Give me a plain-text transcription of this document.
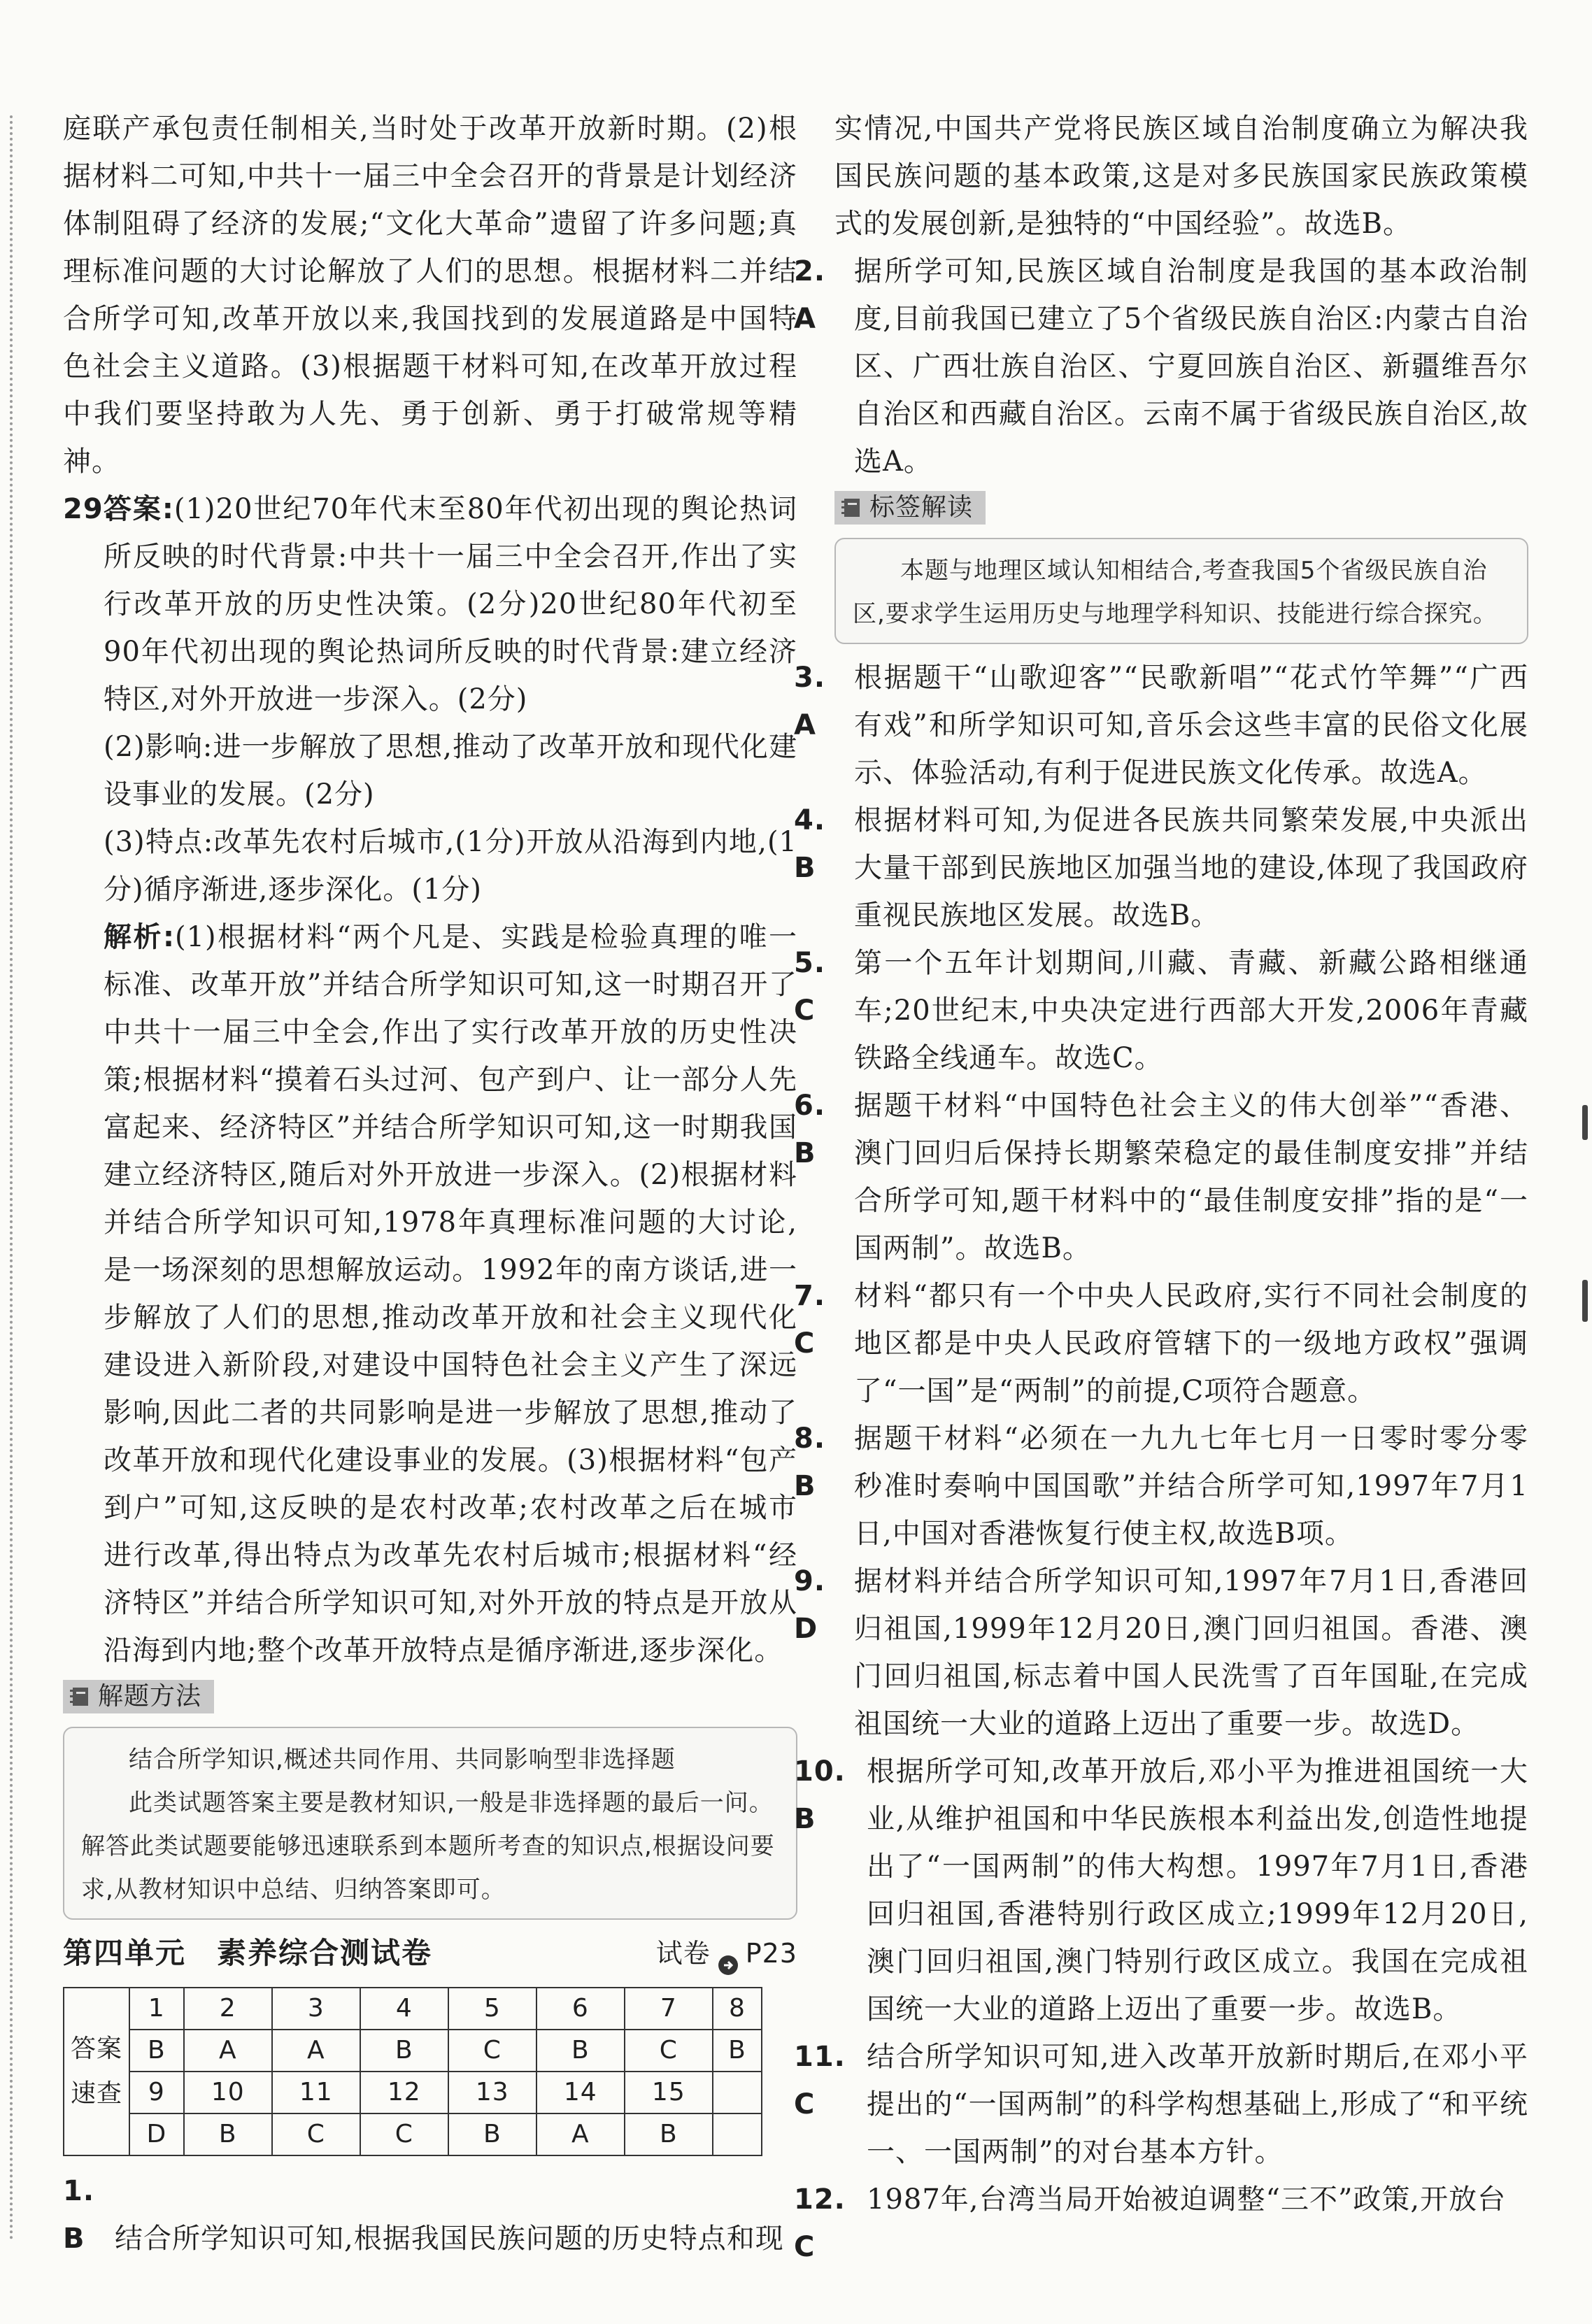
庭联产承包责任制相关,当时处于改革开放新时期。(2)根据材料二可知,中共十一届三中全会召开的背景是计划经济体制阻碍了经济的发展;“文化大革命”遗留了许多问题;真理标准问题的大讨论解放了人们的思想。根据材料二并结合所学可知,改革开放以来,我国找到的发展道路是中国特色社会主义道路。(3)根据题干材料可知,在改革开放过程中我们要坚持敢为人先、勇于创新、勇于打破常规等精神。

29.
答案:(1)20世纪70年代末至80年代初出现的舆论热词所反映的时代背景:中共十一届三中全会召开,作出了实行改革开放的历史性决策。(2分)20世纪80年代初至90年代初出现的舆论热词所反映的时代背景:建立经济特区,对外开放进一步深入。(2分)

(2)影响:进一步解放了思想,推动了改革开放和现代化建设事业的发展。(2分)

(3)特点:改革先农村后城市,(1分)开放从沿海到内地,(1分)循序渐进,逐步深化。(1分)

解析:(1)根据材料“两个凡是、实践是检验真理的唯一标准、改革开放”并结合所学知识可知,这一时期召开了中共十一届三中全会,作出了实行改革开放的历史性决策;根据材料“摸着石头过河、包产到户、让一部分人先富起来、经济特区”并结合所学知识可知,这一时期我国建立经济特区,随后对外开放进一步深入。(2)根据材料并结合所学知识可知,1978年真理标准问题的大讨论,是一场深刻的思想解放运动。1992年的南方谈话,进一步解放了人们的思想,推动改革开放和社会主义现代化建设进入新阶段,对建设中国特色社会主义产生了深远影响,因此二者的共同影响是进一步解放了思想,推动了改革开放和现代化建设事业的发展。(3)根据材料“包产到户”可知,这反映的是农村改革;农村改革之后在城市进行改革,得出特点为改革先农村后城市;根据材料“经济特区”并结合所学知识可知,对外开放的特点是开放从沿海到内地;整个改革开放特点是循序渐进,逐步深化。

解题方法

结合所学知识,概述共同作用、共同影响型非选择题

此类试题答案主要是教材知识,一般是非选择题的最后一问。解答此类试题要能够迅速联系到本题所考查的知识点,根据设问要求,从教材知识中总结、归纳答案即可。

第四单元　素养综合测试卷	试卷 P23
答案速查	1	2	3	4	5	6	7	8
	B	A	A	B	C	B	C	B
	9	10	11	12	13	14	15	
	D	B	C	C	B	A	B	

1. B 结合所学知识可知,根据我国民族问题的历史特点和现

实情况,中国共产党将民族区域自治制度确立为解决我国民族问题的基本政策,这是对多民族国家民族政策模式的发展创新,是独特的“中国经验”。故选B。

2. A
据所学可知,民族区域自治制度是我国的基本政治制度,目前我国已建立了5个省级民族自治区:内蒙古自治区、广西壮族自治区、宁夏回族自治区、新疆维吾尔自治区和西藏自治区。云南不属于省级民族自治区,故选A。
标签解读

本题与地理区域认知相结合,考查我国5个省级民族自治区,要求学生运用历史与地理学科知识、技能进行综合探究。

3. A
根据题干“山歌迎客”“民歌新唱”“花式竹竿舞”“广西有戏”和所学知识可知,音乐会这些丰富的民俗文化展示、体验活动,有利于促进民族文化传承。故选A。
4. B
根据材料可知,为促进各民族共同繁荣发展,中央派出大量干部到民族地区加强当地的建设,体现了我国政府重视民族地区发展。故选B。
5. C
第一个五年计划期间,川藏、青藏、新藏公路相继通车;20世纪末,中央决定进行西部大开发,2006年青藏铁路全线通车。故选C。
6. B
据题干材料“中国特色社会主义的伟大创举”“香港、澳门回归后保持长期繁荣稳定的最佳制度安排”并结合所学可知,题干材料中的“最佳制度安排”指的是“一国两制”。故选B。
7. C
材料“都只有一个中央人民政府,实行不同社会制度的地区都是中央人民政府管辖下的一级地方政权”强调了“一国”是“两制”的前提,C项符合题意。
8. B
据题干材料“必须在一九九七年七月一日零时零分零秒准时奏响中国国歌”并结合所学可知,1997年7月1日,中国对香港恢复行使主权,故选B项。
9. D
据材料并结合所学知识可知,1997年7月1日,香港回归祖国,1999年12月20日,澳门回归祖国。香港、澳门回归祖国,标志着中国人民洗雪了百年国耻,在完成祖国统一大业的道路上迈出了重要一步。故选D。
10. B
根据所学可知,改革开放后,邓小平为推进祖国统一大业,从维护祖国和中华民族根本利益出发,创造性地提出了“一国两制”的伟大构想。1997年7月1日,香港回归祖国,香港特别行政区成立;1999年12月20日,澳门回归祖国,澳门特别行政区成立。我国在完成祖国统一大业的道路上迈出了重要一步。故选B。
11. C
结合所学知识可知,进入改革开放新时期后,在邓小平提出的“一国两制”的科学构想基础上,形成了“和平统一、一国两制”的对台基本方针。
12. C
1987年,台湾当局开始被迫调整“三不”政策,开放台
